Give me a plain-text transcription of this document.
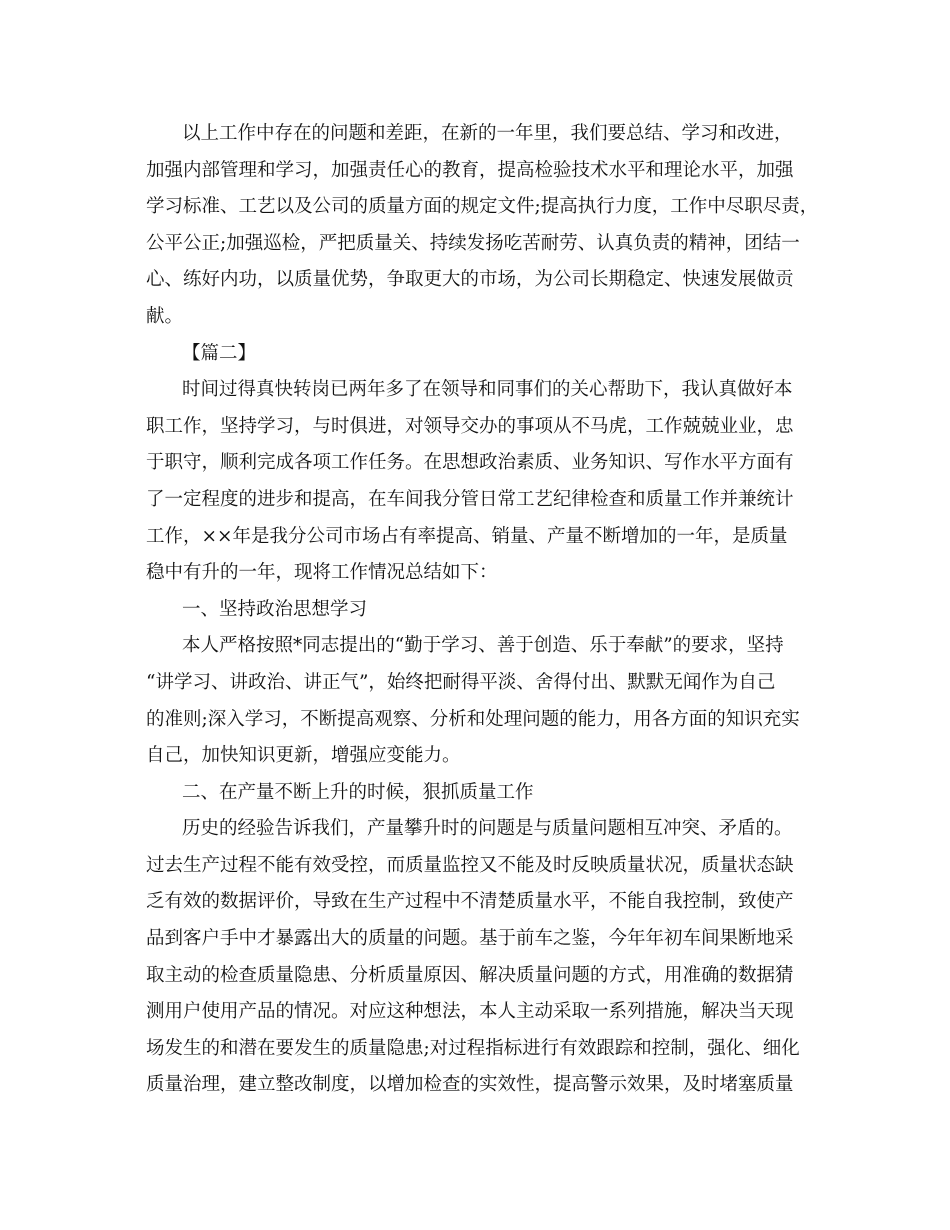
以上工作中存在的问题和差距，在新的一年里，我们要总结、学习和改进，
加强内部管理和学习，加强责任心的教育，提高检验技术水平和理论水平，加强
学习标准、工艺以及公司的质量方面的规定文件;提高执行力度，工作中尽职尽责，
公平公正;加强巡检，严把质量关、持续发扬吃苦耐劳、认真负责的精神，团结一
心、练好内功，以质量优势，争取更大的市场，为公司长期稳定、快速发展做贡
献。
【篇二】
时间过得真快转岗已两年多了在领导和同事们的关心帮助下，我认真做好本
职工作，坚持学习，与时俱进，对领导交办的事项从不马虎，工作兢兢业业，忠
于职守，顺利完成各项工作任务。在思想政治素质、业务知识、写作水平方面有
了一定程度的进步和提高，在车间我分管日常工艺纪律检查和质量工作并兼统计
工作，××年是我分公司市场占有率提高、销量、产量不断增加的一年，是质量
稳中有升的一年，现将工作情况总结如下：
一、坚持政治思想学习
本人严格按照*同志提出的“勤于学习、善于创造、乐于奉献”的要求，坚持
“讲学习、讲政治、讲正气”，始终把耐得平淡、舍得付出、默默无闻作为自己
的准则;深入学习，不断提高观察、分析和处理问题的能力，用各方面的知识充实
自己，加快知识更新，增强应变能力。
二、在产量不断上升的时候，狠抓质量工作
历史的经验告诉我们，产量攀升时的问题是与质量问题相互冲突、矛盾的。
过去生产过程不能有效受控，而质量监控又不能及时反映质量状况，质量状态缺
乏有效的数据评价，导致在生产过程中不清楚质量水平，不能自我控制，致使产
品到客户手中才暴露出大的质量的问题。基于前车之鉴，今年年初车间果断地采
取主动的检查质量隐患、分析质量原因、解决质量问题的方式，用准确的数据猜
测用户使用产品的情况。对应这种想法，本人主动采取一系列措施，解决当天现
场发生的和潜在要发生的质量隐患;对过程指标进行有效跟踪和控制，强化、细化
质量治理，建立整改制度，以增加检查的实效性，提高警示效果，及时堵塞质量
